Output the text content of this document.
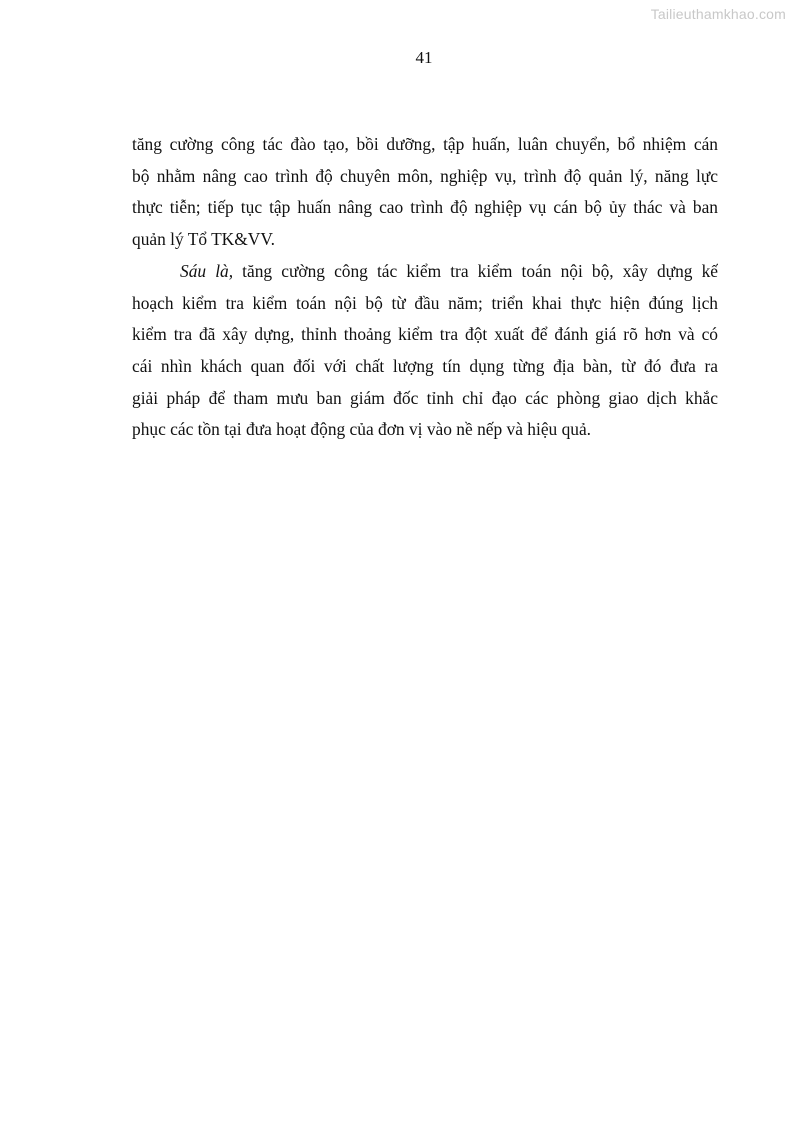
Tailieuthamkhao.com
41

tăng cường công tác đào tạo, bồi dưỡng, tập huấn, luân chuyển, bổ nhiệm cán
bộ nhằm nâng cao trình độ chuyên môn, nghiệp vụ, trình độ quản lý, năng lực
thực tiễn; tiếp tục tập huấn nâng cao trình độ nghiệp vụ cán bộ ủy thác và ban
quản lý Tổ TK&VV.

Sáu là, tăng cường công tác kiểm tra kiểm toán nội bộ, xây dựng kế
hoạch kiểm tra kiểm toán nội bộ từ đầu năm; triển khai thực hiện đúng lịch
kiểm tra đã xây dựng, thỉnh thoảng kiểm tra đột xuất để đánh giá rõ hơn và có
cái nhìn khách quan đối với chất lượng tín dụng từng địa bàn, từ đó đưa ra
giải pháp để tham mưu ban giám đốc tỉnh chỉ đạo các phòng giao dịch khắc
phục các tồn tại đưa hoạt động của đơn vị vào nề nếp và hiệu quả.
